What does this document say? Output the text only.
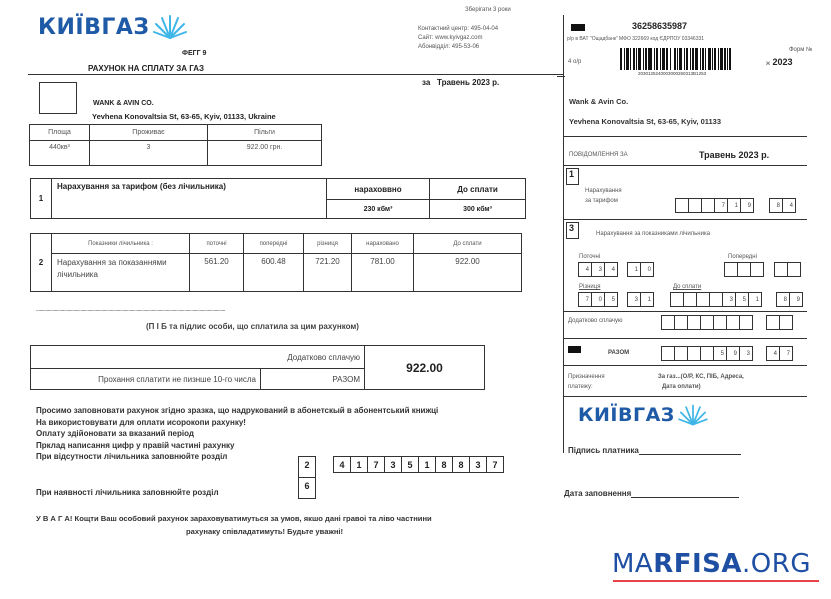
КИЇВГАЗ
ФЕГГ 9
РАХУНОК НА СПЛАТУ ЗА ГАЗ
Зберігати 3 роки
Контактний центр: 495-04-04
Сайт: www.kyivgaz.com
Абонвідділ: 495-53-06
за Травень 2023 р.
WANK & AVIN CO.
Yevhena Konovaltsia St, 63-65, Kyiv, 01133, Ukraine
Площа	Проживає	Пільги
440кв³	3	922.00 грн.
1	Нарахування за тарифом (без лічильника)	нараховвно	До сплати
		230 кбм³	300 кбм³
2	Показники лічильника :	поточні	попередні	різниця	нараховано	До сплати
	Нарахування за показаннями лічильника	561.20	600.48	721.20	781.00	922.00
..................................................................................................................................................................
(П І Б та підлис особи, що сплатила за цим рахунком)
Додатково сплачую		922.00
Прохання сплатити не пизнше 10-го числа	РАЗОМ	
Просимо заповновати рахунок згідно зразка, що надрукований в абонетскый в абонентський книжці
На використовувати для оплати исорокопи рахунку!
Оплату здійоновати за вказаний період
Прклад написання цифр у правій частині рахунку
При відсутности лічильника заповнюйте розділ
2
6
4	1	7	3	5	1	8	8	3	7
При наявності лічильника заповнюйте розділ
У В А Г А! Кощти Ваш особовий рахунок зараховуватимуться за умов, якшо дані гравоі та ліво частнини
рахунаку співладатимуть! Будьте уважні!
36258635987
р/р в ВАТ "Ощадбанк" МФО 322669 код ЄДРПОУ 03346331
4 о/р
2030125240003000260313B1253
Форм №
ж 2023
Wank & Avin Co.
Yevhena Konovaltsia St, 63-65, Kyiv, 01133
ПОВІДОМЛЕННЯ ЗА	Травень 2023 р.
1
Нарахування
за тарифом
7	1	9	8	4
3
Нарахування за показниками лічильника
Поточні
4	3	4	1	0
Попередні
Різниця
7	0	5	3	1
До сплати
3	5	1	8	9
Додатково сплачую
РАЗОМ	5	9	3	4	7
Призначення
платежу:
За газ...(О/Р, КС, ПІБ, Адреса,
Дата оплати)
КИЇВГАЗ
Підпись платника
Дата заповнення
MARFISA.ORG
